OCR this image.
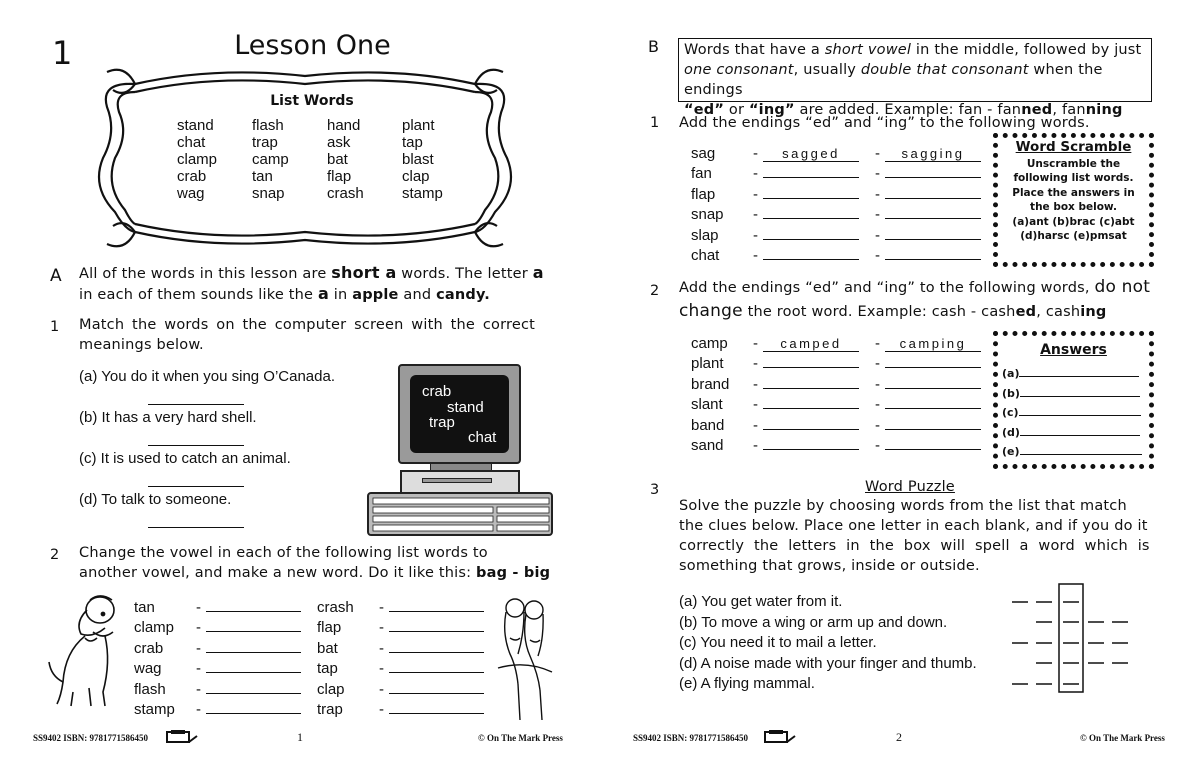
1	Lesson One
List Words
stand	flash	hand	plant
chat	trap	ask	tap
clamp	camp	bat	blast
crab	tan	flap	clap
wag	snap	crash	stamp
A All of the words in this lesson are short a words. The letter a
in each of them sounds like the a in apple and candy.
1 Match the words on the computer screen with the correct
meanings below.
(a) You do it when you sing O’Canada.
(b) It has a very hard shell.
(c) It is used to catch an animal.
(d) To talk to someone.
crab
stand
trap
chat
2 Change the vowel in each of the following list words to
another vowel, and make a new word. Do it like this: bag - big
tan	-	
clamp	-	
crab	-	
wag	-	
flash	-	
stamp	-	
crash	-	
flap	-	
bat	-	
tap	-	
clap	-	
trap	-	
SS9402 ISBN: 9781771586450	1	© On The Mark Press
B Words that have a short vowel in the middle, followed by just
one consonant, usually double that consonant when the endings
“ed” or “ing” are added. Example: fan - fanned, fanning
1 Add the endings “ed” and “ing” to the following words.
sag	-	sagged	-	sagging
fan	-		-	
flap	-		-	
snap	-		-	
slap	-		-	
chat	-		-	
Word Scramble
Unscramble the
following list words.
Place the answers in
the box below.
(a)ant (b)brac (c)abt
(d)harsc (e)pmsat
2 Add the endings “ed” and “ing” to the following words, do not
change the root word. Example: cash - cashed, cashing
camp	-	camped	-	camping
plant	-		-	
brand	-		-	
slant	-		-	
band	-		-	
sand	-		-	
Answers
(a)
(b)
(c)
(d)
(e)
3	Word Puzzle
Solve the puzzle by choosing words from the list that match
the clues below. Place one letter in each blank, and if you do it
correctly the letters in the box will spell a word which is
something that grows, inside or outside.
(a) You get water from it.
(b) To move a wing or arm up and down.
(c) You need it to mail a letter.
(d) A noise made with your finger and thumb.
(e) A flying mammal.
SS9402 ISBN: 9781771586450	2	© On The Mark Press
